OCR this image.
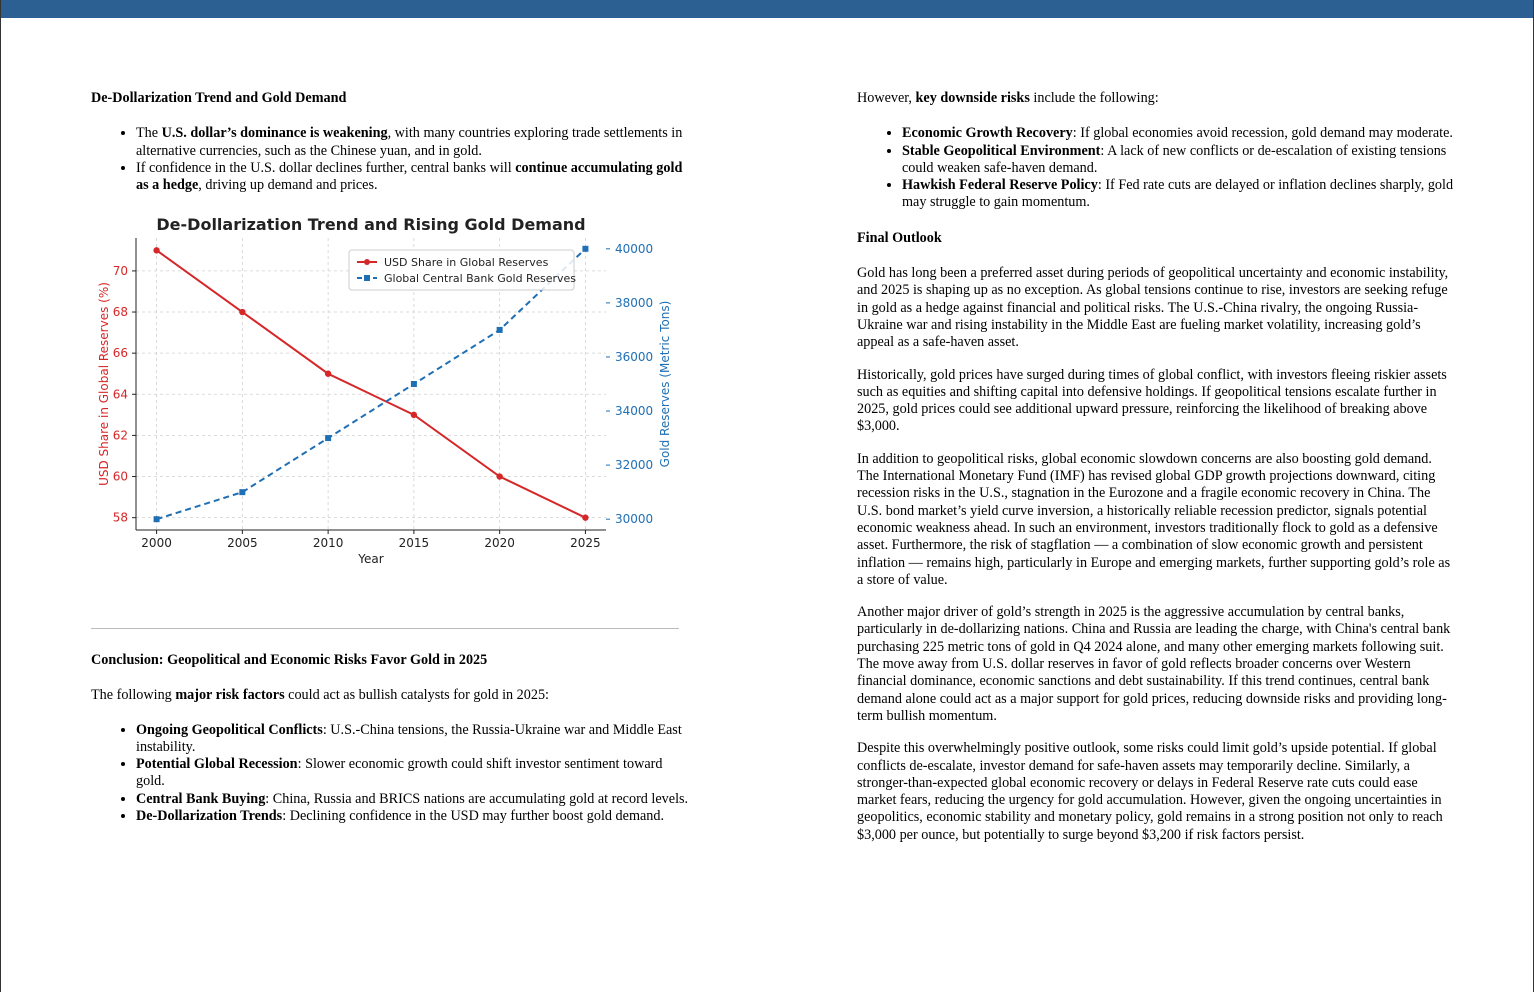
De-Dollarization Trend and Gold Demand
• The U.S. dollar’s dominance is weakening, with many countries exploring trade settlements in alternative currencies, such as the Chinese yuan, and in gold.
• If confidence in the U.S. dollar declines further, central banks will continue accumulating gold as a hedge, driving up demand and prices.
De-Dollarization Trend and Rising Gold Demand
2000	2005	2010	2015	2020	2025
Year
58
60
62
64
66
68
70
USD Share in Global Reserves (%)
30000
32000
34000
36000
38000
40000
Gold Reserves (Metric Tons)
USD Share in Global Reserves
Global Central Bank Gold Reserves
Conclusion: Geopolitical and Economic Risks Favor Gold in 2025

The following major risk factors could act as bullish catalysts for gold in 2025:

• Ongoing Geopolitical Conflicts: U.S.-China tensions, the Russia-Ukraine war and Middle East instability.
• Potential Global Recession: Slower economic growth could shift investor sentiment toward gold.
• Central Bank Buying: China, Russia and BRICS nations are accumulating gold at record levels.
• De-Dollarization Trends: Declining confidence in the USD may further boost gold demand.

However, key downside risks include the following:

• Economic Growth Recovery: If global economies avoid recession, gold demand may moderate.
• Stable Geopolitical Environment: A lack of new conflicts or de-escalation of existing tensions could weaken safe-haven demand.
• Hawkish Federal Reserve Policy: If Fed rate cuts are delayed or inflation declines sharply, gold may struggle to gain momentum.
Final Outlook

Gold has long been a preferred asset during periods of geopolitical uncertainty and economic instability, and 2025 is shaping up as no exception. As global tensions continue to rise, investors are seeking refuge in gold as a hedge against financial and political risks. The U.S.-China rivalry, the ongoing Russia-Ukraine war and rising instability in the Middle East are fueling market volatility, increasing gold’s appeal as a safe-haven asset.

Historically, gold prices have surged during times of global conflict, with investors fleeing riskier assets such as equities and shifting capital into defensive holdings. If geopolitical tensions escalate further in 2025, gold prices could see additional upward pressure, reinforcing the likelihood of breaking above $3,000.

In addition to geopolitical risks, global economic slowdown concerns are also boosting gold demand. The International Monetary Fund (IMF) has revised global GDP growth projections downward, citing recession risks in the U.S., stagnation in the Eurozone and a fragile economic recovery in China. The U.S. bond market’s yield curve inversion, a historically reliable recession predictor, signals potential economic weakness ahead. In such an environment, investors traditionally flock to gold as a defensive asset. Furthermore, the risk of stagflation — a combination of slow economic growth and persistent inflation — remains high, particularly in Europe and emerging markets, further supporting gold’s role as a store of value.

Another major driver of gold’s strength in 2025 is the aggressive accumulation by central banks, particularly in de-dollarizing nations. China and Russia are leading the charge, with China's central bank purchasing 225 metric tons of gold in Q4 2024 alone, and many other emerging markets following suit. The move away from U.S. dollar reserves in favor of gold reflects broader concerns over Western financial dominance, economic sanctions and debt sustainability. If this trend continues, central bank demand alone could act as a major support for gold prices, reducing downside risks and providing long-term bullish momentum.

Despite this overwhelmingly positive outlook, some risks could limit gold’s upside potential. If global conflicts de-escalate, investor demand for safe-haven assets may temporarily decline. Similarly, a stronger-than-expected global economic recovery or delays in Federal Reserve rate cuts could ease market fears, reducing the urgency for gold accumulation. However, given the ongoing uncertainties in geopolitics, economic stability and monetary policy, gold remains in a strong position not only to reach $3,000 per ounce, but potentially to surge beyond $3,200 if risk factors persist.
